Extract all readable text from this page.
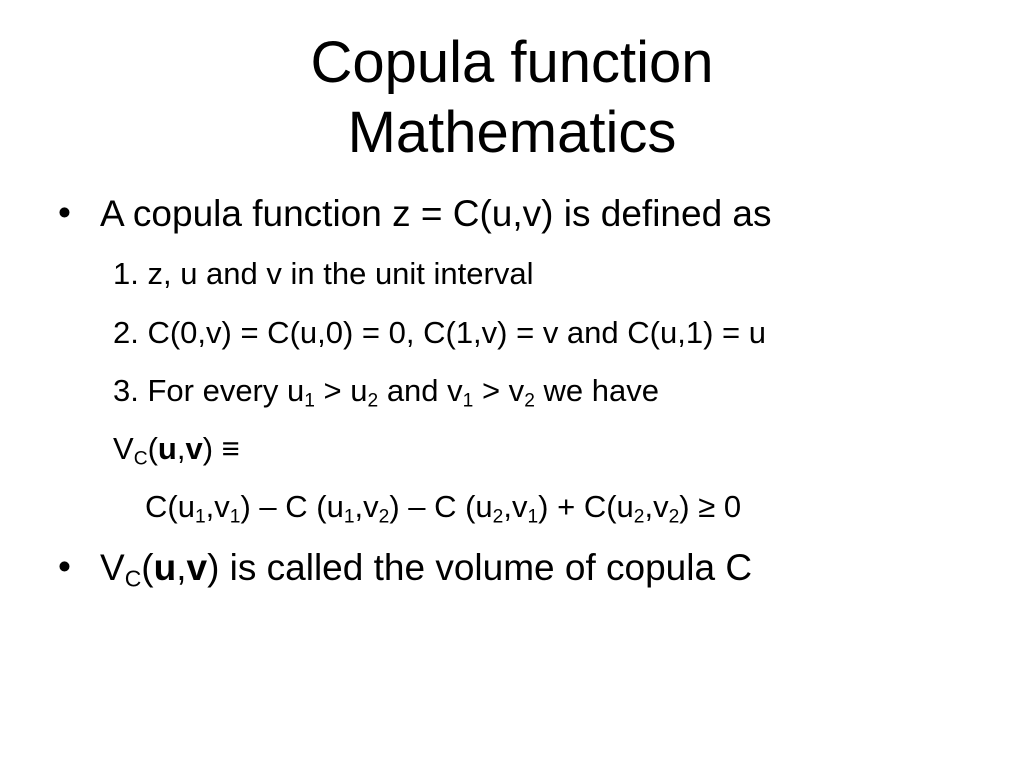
Copula function
Mathematics
• A copula function z = C(u,v) is defined as
1. z, u and v in the unit interval
2. C(0,v) = C(u,0) = 0, C(1,v) = v and C(u,1) = u
3. For every $u_1 > u_2$ and $v_1 > v_2$ we have
$V_C(u,v)$ ≡
$C(u_1,v_1)$ – C $(u_1,v_2)$ – C $(u_2,v_1) + C(u_2,v_2) \ge 0$
• $V_C(u,v)$ is called the volume of copula C
